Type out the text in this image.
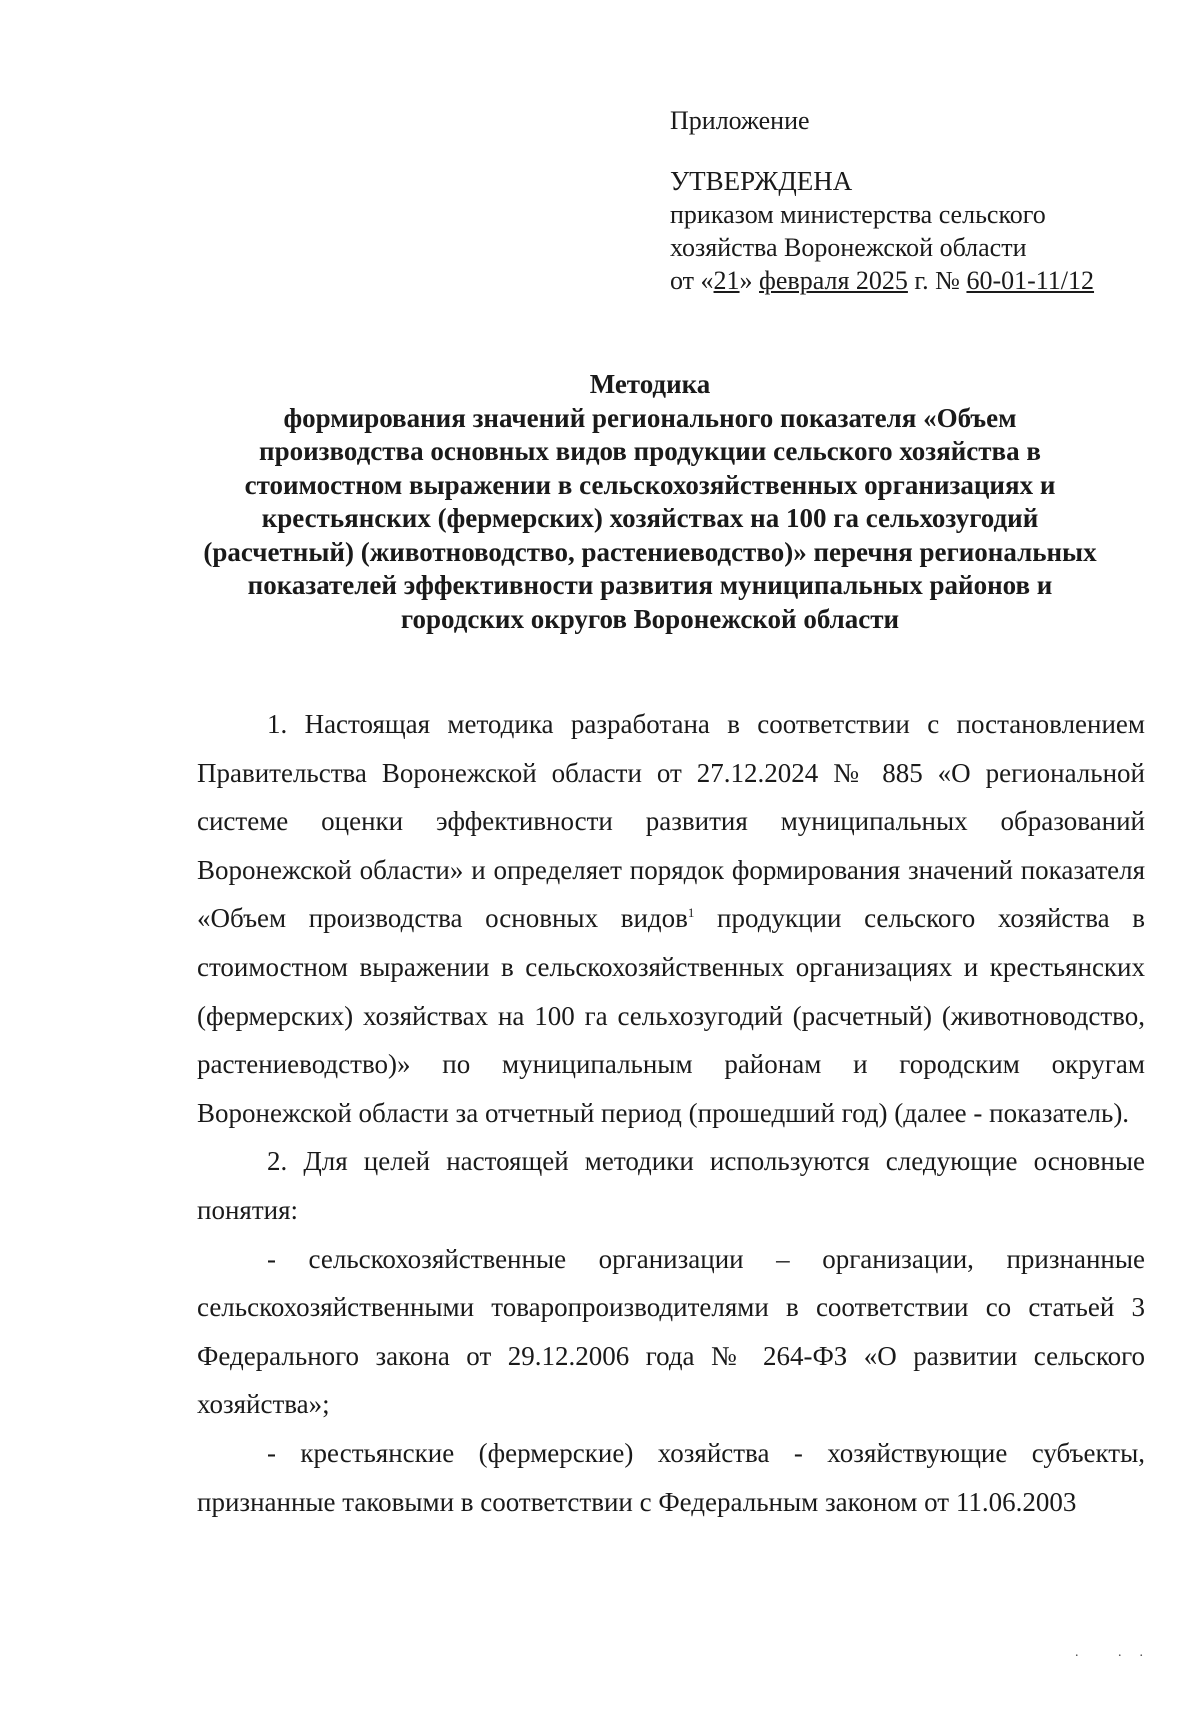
Приложение

УТВЕРЖДЕНА

приказом министерства сельского

хозяйства Воронежской области

от «21» февраля 2025 г. № 60-01-11/12

Методика

формирования значений регионального показателя «Объем

производства основных видов продукции сельского хозяйства в

стоимостном выражении в сельскохозяйственных организациях и

крестьянских (фермерских) хозяйствах на 100 га сельхозугодий

(расчетный) (животноводство, растениеводство)» перечня региональных

показателей эффективности развития муниципальных районов и

городских округов Воронежской области

1. Настоящая методика разработана в соответствии с постановлением Правительства Воронежской области от 27.12.2024 № 885 «О региональной системе оценки эффективности развития муниципальных образований Воронежской области» и определяет порядок формирования значений показателя «Объем производства основных видов$^1$ продукции сельского хозяйства в стоимостном выражении в сельскохозяйственных организациях и крестьянских (фермерских) хозяйствах на 100 га сельхозугодий (расчетный) (животноводство, растениеводство)» по муниципальным районам и городским округам Воронежской области за отчетный период (прошедший год) (далее - показатель).

2. Для целей настоящей методики используются следующие основные понятия:

- сельскохозяйственные организации – организации, признанные сельскохозяйственными товаропроизводителями в соответствии со статьей 3 Федерального закона от 29.12.2006 года № 264-ФЗ «О развитии сельского хозяйства»;

- крестьянские (фермерские) хозяйства - хозяйствующие субъекты, признанные таковыми в соответствии с Федеральным законом от 11.06.2003

. ..
